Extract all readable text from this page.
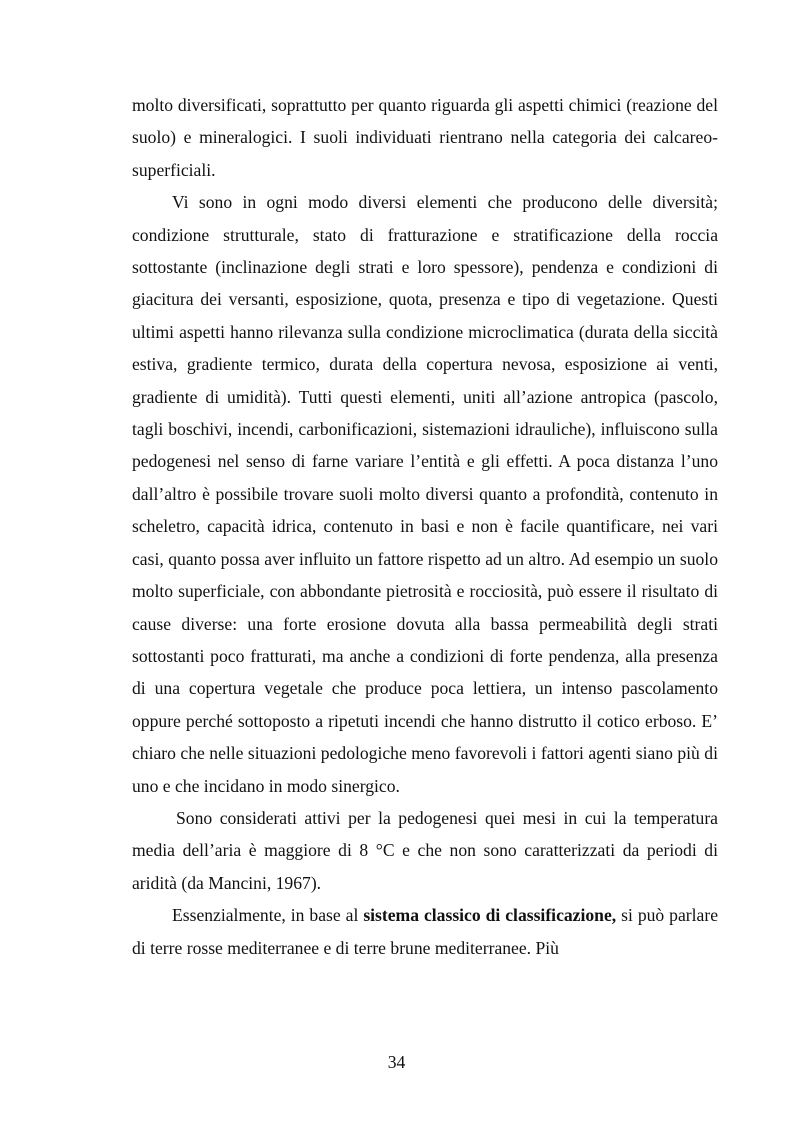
molto diversificati, soprattutto per quanto riguarda gli aspetti chimici (reazione del suolo) e mineralogici. I suoli individuati rientrano nella categoria dei calcareo-superficiali.

Vi sono in ogni modo diversi elementi che producono delle diversità; condizione strutturale, stato di fratturazione e stratificazione della roccia sottostante (inclinazione degli strati e loro spessore), pendenza e condizioni di giacitura dei versanti, esposizione, quota, presenza e tipo di vegetazione. Questi ultimi aspetti hanno rilevanza sulla condizione microclimatica (durata della siccità estiva, gradiente termico, durata della copertura nevosa, esposizione ai venti, gradiente di umidità). Tutti questi elementi, uniti all’azione antropica (pascolo, tagli boschivi, incendi, carbonificazioni, sistemazioni idrauliche), influiscono sulla pedogenesi nel senso di farne variare l’entità e gli effetti. A poca distanza l’uno dall’altro è possibile trovare suoli molto diversi quanto a profondità, contenuto in scheletro, capacità idrica, contenuto in basi e non è facile quantificare, nei vari casi, quanto possa aver influito un fattore rispetto ad un altro. Ad esempio un suolo molto superficiale, con abbondante pietrosità e rocciosità, può essere il risultato di cause diverse: una forte erosione dovuta alla bassa permeabilità degli strati sottostanti poco fratturati, ma anche a condizioni di forte pendenza, alla presenza di una copertura vegetale che produce poca lettiera, un intenso pascolamento oppure perché sottoposto a ripetuti incendi che hanno distrutto il cotico erboso. E’ chiaro che nelle situazioni pedologiche meno favorevoli i fattori agenti siano più di uno e che incidano in modo sinergico.

Sono considerati attivi per la pedogenesi quei mesi in cui la temperatura media dell’aria è maggiore di 8 °C e che non sono caratterizzati da periodi di aridità (da Mancini, 1967).

Essenzialmente, in base al sistema classico di classificazione, si può parlare di terre rosse mediterranee e di terre brune mediterranee. Più

34
